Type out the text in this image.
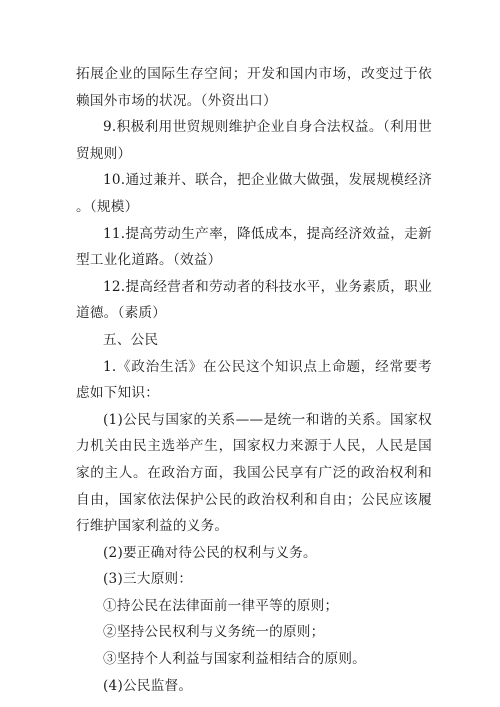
拓展企业的国际生存空间；开发和国内市场，改变过于依赖国外市场的状况。（外资出口）

9.积极利用世贸规则维护企业自身合法权益。（利用世贸规则）

10.通过兼并、联合，把企业做大做强，发展规模经济。（规模）

11.提高劳动生产率，降低成本，提高经济效益，走新型工业化道路。（效益）

12.提高经营者和劳动者的科技水平，业务素质，职业道德。（素质）

五、公民

1.《政治生活》在公民这个知识点上命题，经常要考虑如下知识：

(1)公民与国家的关系——是统一和谐的关系。国家权力机关由民主选举产生，国家权力来源于人民，人民是国家的主人。在政治方面，我国公民享有广泛的政治权利和自由，国家依法保护公民的政治权利和自由；公民应该履行维护国家利益的义务。

(2)要正确对待公民的权利与义务。

(3)三大原则：

①持公民在法律面前一律平等的原则；

②坚持公民权利与义务统一的原则；

③坚持个人利益与国家利益相结合的原则。

(4)公民监督。
